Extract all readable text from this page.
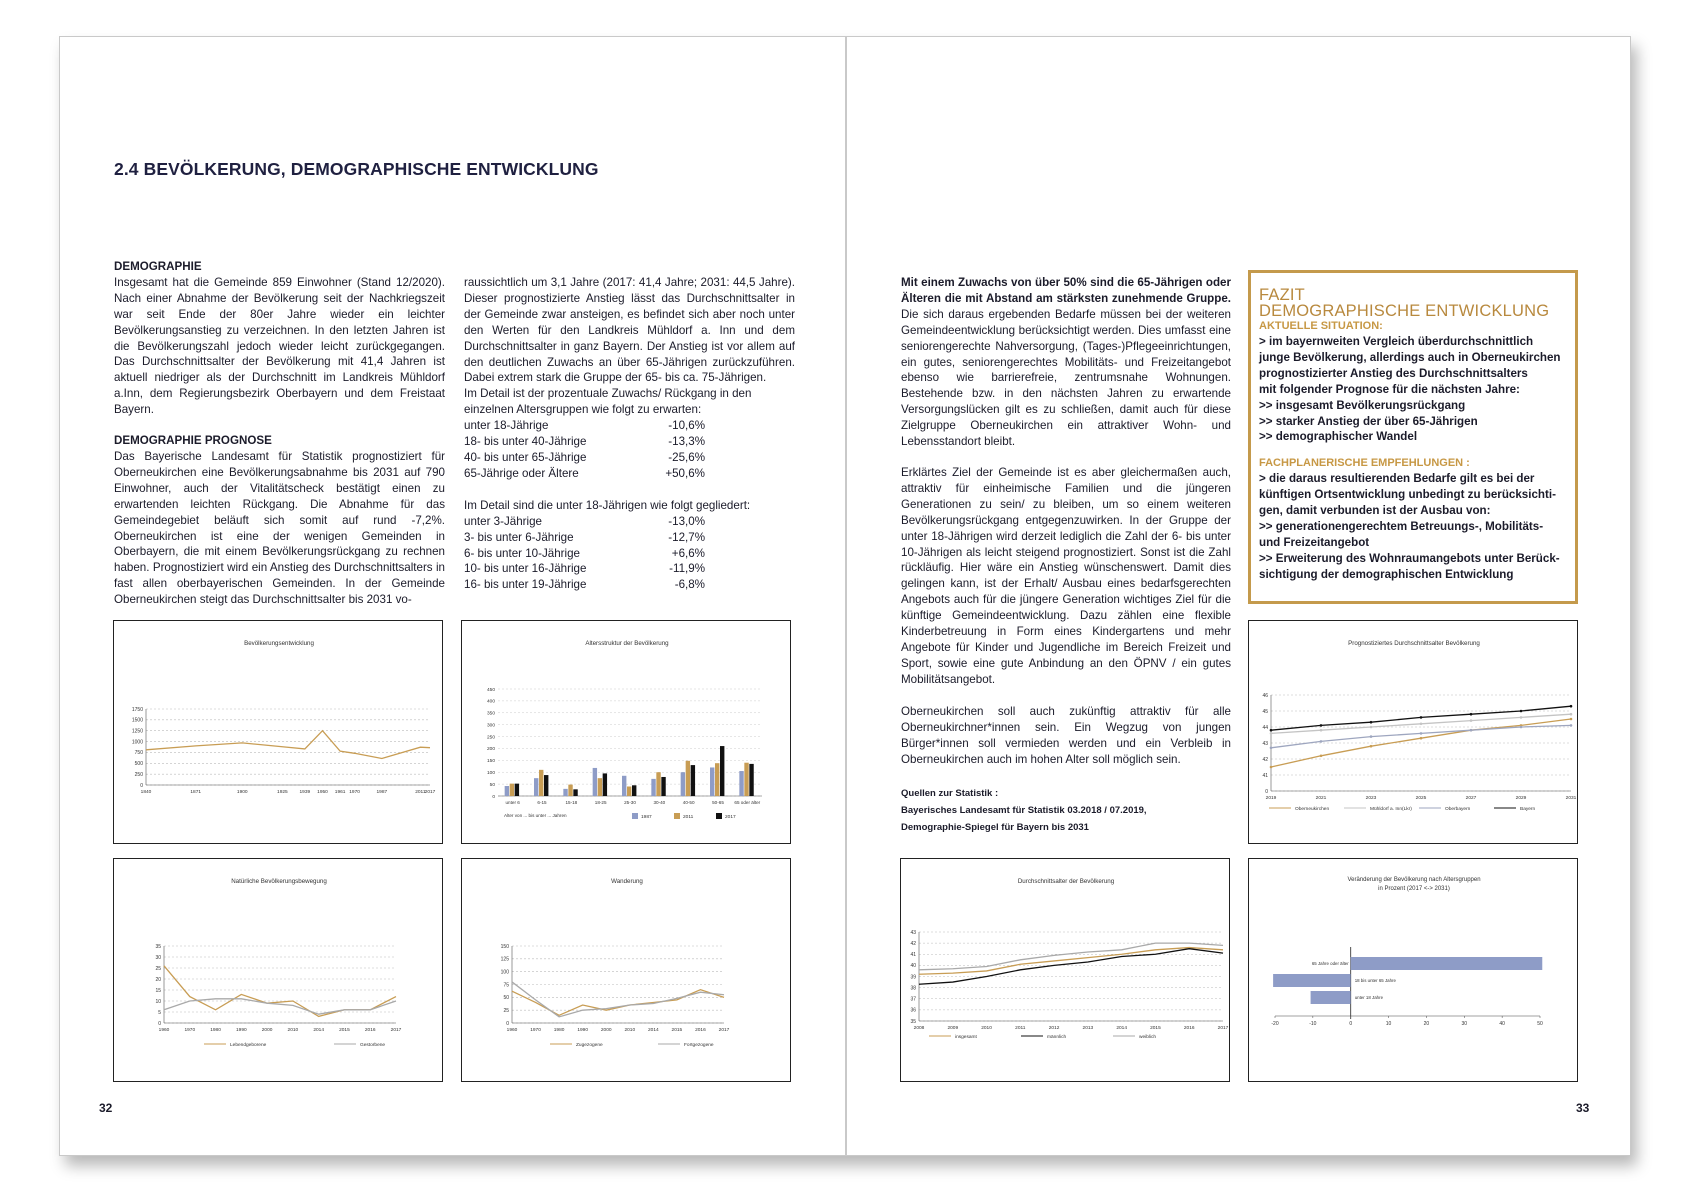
2.4 BEVÖLKERUNG, DEMOGRAPHISCHE ENTWICKLUNG
DEMOGRAPHIE
Insgesamt hat die Gemeinde 859 Einwohner (Stand 12/2020). Nach einer Abnahme der Bevölkerung seit der Nachkriegszeit war seit Ende der 80er Jahre wieder ein leichter Bevölkerungsanstieg zu verzeichnen. In den letzten Jahren ist die Bevölkerungszahl jedoch wieder leicht zurückgegangen. Das Durchschnittsalter der Bevölkerung mit 41,4 Jahren ist aktuell niedriger als der Durchschnitt im Landkreis Mühldorf a.Inn, dem Regierungsbezirk Oberbayern und dem Freistaat Bayern.
DEMOGRAPHIE PROGNOSE
Das Bayerische Landesamt für Statistik prognostiziert für Oberneukirchen eine Bevölkerungsabnahme bis 2031 auf 790 Einwohner, auch der Vitalitätscheck bestätigt einen zu erwartenden leichten Rückgang. Die Abnahme für das Gemeindegebiet beläuft sich somit auf rund -7,2%. Oberneukirchen ist eine der wenigen Gemeinden in Oberbayern, die mit einem Bevölkerungsrückgang zu rechnen haben. Prognostiziert wird ein Anstieg des Durchschnittsalters in fast allen oberbayerischen Gemeinden. In der Gemeinde Oberneukirchen steigt das Durchschnittsalter bis 2031 vo-
raussichtlich um 3,1 Jahre (2017: 41,4 Jahre; 2031: 44,5 Jahre). Dieser prognostizierte Anstieg lässt das Durchschnittsalter in der Gemeinde zwar ansteigen, es befindet sich aber noch unter den Werten für den Landkreis Mühldorf a. Inn und dem Durchschnittsalter in ganz Bayern. Der Anstieg ist vor allem auf den deutlichen Zuwachs an über 65-Jährigen zurückzuführen. Dabei extrem stark die Gruppe der 65- bis ca. 75-Jährigen.
Im Detail ist der prozentuale Zuwachs/ Rückgang in den einzelnen Altersgruppen wie folgt zu erwarten:
unter 18-Jährige	-10,6%
18- bis unter 40-Jährige	-13,3%
40- bis unter 65-Jährige	-25,6%
65-Jährige oder Ältere	+50,6%
Im Detail sind die unter 18-Jährigen wie folgt gegliedert:
unter 3-Jährige	-13,0%
3- bis unter 6-Jährige	-12,7%
6- bis unter 10-Jährige	+6,6%
10- bis unter 16-Jährige	-11,9%
16- bis unter 19-Jährige	-6,8%
Bevölkerungsentwicklung
0
250
500
750
1000
1250
1500
1750
1840	1871	1900	1925 1939 1950 1961 1970	1987	2011 2017
Altersstruktur der Bevölkerung
0
50
100
150
200
250
300
350
400
450
unter 6	6-15	15-18	18-25	25-30	30-40	40-50	50-65 65 oder älter
Alter von ... bis unter ... Jahren	1987	2011	2017
Natürliche Bevölkerungsbewegung
0
5
10
15
20
25
30
35
1960	1970	1980	1990	2000	2010	2014	2015	2016	2017
Lebendgeborene	Gestorbene
Wanderung
0
25
50
75
100
125
150
1960	1970	1980	1990	2000	2010	2014	2015	2016	2017
Zugezogene	Fortgezogene
32
Mit einem Zuwachs von über 50% sind die 65-Jährigen oder Älteren die mit Abstand am stärksten zunehmende Gruppe. Die sich daraus ergebenden Bedarfe müssen bei der weiteren Gemeindeentwicklung berücksichtigt werden. Dies umfasst eine seniorengerechte Nahversorgung, (Tages-)Pflegeeinrichtungen, ein gutes, seniorengerechtes Mobilitäts- und Freizeitangebot ebenso wie barrierefreie, zentrumsnahe Wohnungen. Bestehende bzw. in den nächsten Jahren zu erwartende Versorgungslücken gilt es zu schließen, damit auch für diese Zielgruppe Oberneukirchen ein attraktiver Wohn- und Lebensstandort bleibt.
Erklärtes Ziel der Gemeinde ist es aber gleichermaßen auch, attraktiv für einheimische Familien und die jüngeren Generationen zu sein/ zu bleiben, um so einem weiteren Bevölkerungsrückgang entgegenzuwirken. In der Gruppe der unter 18-Jährigen wird derzeit lediglich die Zahl der 6- bis unter 10-Jährigen als leicht steigend prognostiziert. Sonst ist die Zahl rückläufig. Hier wäre ein Anstieg wünschenswert. Damit dies gelingen kann, ist der Erhalt/ Ausbau eines bedarfsgerechten Angebots auch für die jüngere Generation wichtiges Ziel für die künftige Gemeindeentwicklung. Dazu zählen eine flexible Kinderbetreuung in Form eines Kindergartens und mehr Angebote für Kinder und Jugendliche im Bereich Freizeit und Sport, sowie eine gute Anbindung an den ÖPNV / ein gutes Mobilitätsangebot.
Oberneukirchen soll auch zukünftig attraktiv für alle Oberneukirchner*innen sein. Ein Wegzug von jungen Bürger*innen soll vermieden werden und ein Verbleib in Oberneukirchen auch im hohen Alter soll möglich sein.
Quellen zur Statistik :
Bayerisches Landesamt für Statistik 03.2018 / 07.2019,
Demographie-Spiegel für Bayern bis 2031
FAZIT
DEMOGRAPHISCHE ENTWICKLUNG
AKTUELLE SITUATION:
> im bayernweiten Vergleich überdurchschnittlich
junge Bevölkerung, allerdings auch in Oberneukirchen
prognostizierter Anstieg des Durchschnittsalters
mit folgender Prognose für die nächsten Jahre:
>> insgesamt Bevölkerungsrückgang
>> starker Anstieg der über 65-Jährigen
>> demographischer Wandel
FACHPLANERISCHE EMPFEHLUNGEN :
> die daraus resultierenden Bedarfe gilt es bei der
künftigen Ortsentwicklung unbedingt zu berücksichti-
gen, damit verbunden ist der Ausbau von:
>> generationengerechtem Betreuungs-, Mobilitäts-
und Freizeitangebot
>> Erweiterung des Wohnraumangebots unter Berück-
sichtigung der demographischen Entwicklung
Prognostiziertes Durchschnittsalter Bevölkerung
0
41
42
43
44
45
46
2019	2021	2023	2025	2027	2029	2031
Oberneukirchen	Mühldorf a. Inn(Lkr)	Oberbayern	Bayern
Durchschnittsalter der Bevölkerung
35
36
37
38
39
40
41
42
43
2008	2009	2010	2011	2012	2013	2014	2015	2016	2017
insgesamt	männlich	weiblich
Veränderung der Bevölkerung nach Altersgruppen
in Prozent (2017 <-> 2031)
-20	-10	0	10	20	30	40	50
65 Jahre oder älter
18 bis unter 65 Jahre
unter 18 Jahre
33
